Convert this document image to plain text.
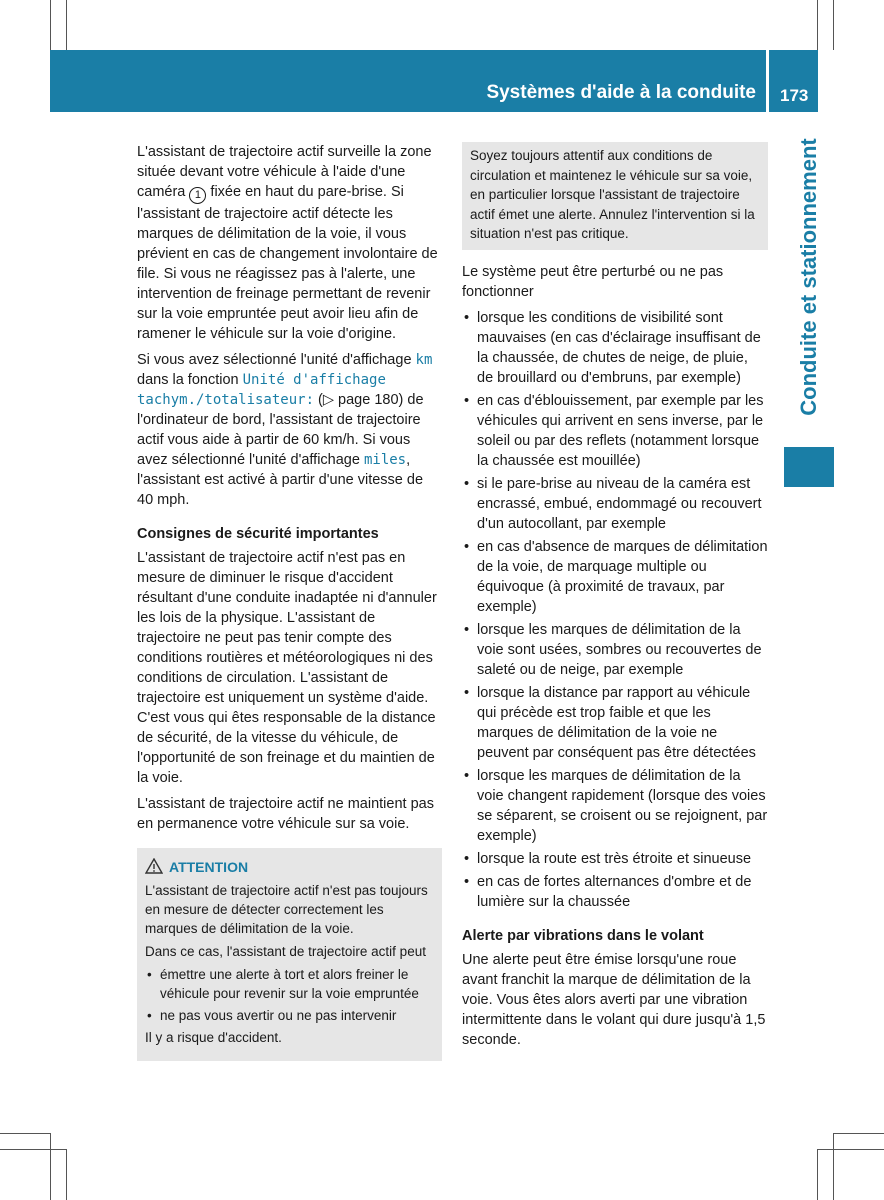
Systèmes d'aide à la conduite 173
Conduite et stationnement

L'assistant de trajectoire actif surveille la zone située devant votre véhicule à l'aide d'une caméra 1 fixée en haut du pare-brise. Si l'assistant de trajectoire actif détecte les marques de délimitation de la voie, il vous prévient en cas de changement involontaire de file. Si vous ne réagissez pas à l'alerte, une intervention de freinage permettant de revenir sur la voie empruntée peut avoir lieu afin de ramener le véhicule sur la voie d'origine.

Si vous avez sélectionné l'unité d'affichage km dans la fonction Unité d'affichage tachym./totalisateur: (▷ page 180) de l'ordinateur de bord, l'assistant de trajectoire actif vous aide à partir de 60 km/h. Si vous avez sélectionné l'unité d'affichage miles, l'assistant est activé à partir d'une vitesse de 40 mph.

Consignes de sécurité importantes

L'assistant de trajectoire actif n'est pas en mesure de diminuer le risque d'accident résultant d'une conduite inadaptée ni d'annuler les lois de la physique. L'assistant de trajectoire ne peut pas tenir compte des conditions routières et météorologiques ni des conditions de circulation. L'assistant de trajectoire est uniquement un système d'aide. C'est vous qui êtes responsable de la distance de sécurité, de la vitesse du véhicule, de l'opportunité de son freinage et du maintien de la voie.

L'assistant de trajectoire actif ne maintient pas en permanence votre véhicule sur sa voie.

ATTENTION

L'assistant de trajectoire actif n'est pas toujours en mesure de détecter correctement les marques de délimitation de la voie.

Dans ce cas, l'assistant de trajectoire actif peut

• émettre une alerte à tort et alors freiner le véhicule pour revenir sur la voie empruntée
• ne pas vous avertir ou ne pas intervenir

Il y a risque d'accident.

Soyez toujours attentif aux conditions de circulation et maintenez le véhicule sur sa voie, en particulier lorsque l'assistant de trajectoire actif émet une alerte. Annulez l'intervention si la situation n'est pas critique.

Le système peut être perturbé ou ne pas fonctionner

• lorsque les conditions de visibilité sont mauvaises (en cas d'éclairage insuffisant de la chaussée, de chutes de neige, de pluie, de brouillard ou d'embruns, par exemple)
• en cas d'éblouissement, par exemple par les véhicules qui arrivent en sens inverse, par le soleil ou par des reflets (notamment lorsque la chaussée est mouillée)
• si le pare-brise au niveau de la caméra est encrassé, embué, endommagé ou recouvert d'un autocollant, par exemple
• en cas d'absence de marques de délimitation de la voie, de marquage multiple ou équivoque (à proximité de travaux, par exemple)
• lorsque les marques de délimitation de la voie sont usées, sombres ou recouvertes de saleté ou de neige, par exemple
• lorsque la distance par rapport au véhicule qui précède est trop faible et que les marques de délimitation de la voie ne peuvent par conséquent pas être détectées
• lorsque les marques de délimitation de la voie changent rapidement (lorsque des voies se séparent, se croisent ou se rejoignent, par exemple)
• lorsque la route est très étroite et sinueuse
• en cas de fortes alternances d'ombre et de lumière sur la chaussée
Alerte par vibrations dans le volant

Une alerte peut être émise lorsqu'une roue avant franchit la marque de délimitation de la voie. Vous êtes alors averti par une vibration intermittente dans le volant qui dure jusqu'à 1,5 seconde.
